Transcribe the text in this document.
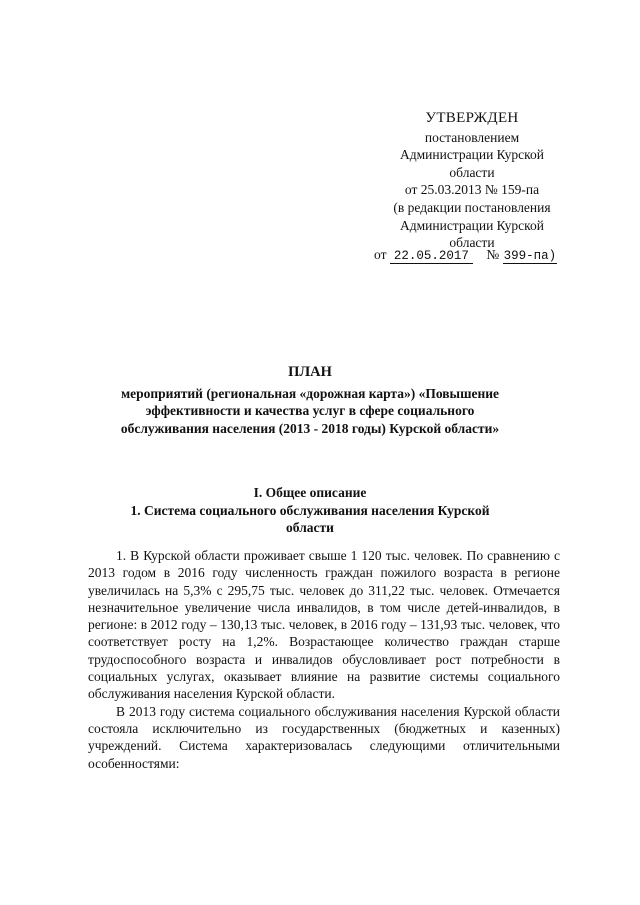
УТВЕРЖДЕН
постановлением
Администрации Курской
области
от 25.03.2013 № 159-па
(в редакции постановления
Администрации Курской
области
от 22.05.2017 № 399-па)
ПЛАН
мероприятий (региональная «дорожная карта») «Повышение
эффективности и качества услуг в сфере социального
обслуживания населения (2013 - 2018 годы) Курской области»
I. Общее описание
1. Система социального обслуживания населения Курской
области

1. В Курской области проживает свыше 1 120 тыс. человек. По сравнению с 2013 годом в 2016 году численность граждан пожилого возраста в регионе увеличилась на 5,3% с 295,75 тыс. человек до 311,22 тыс. человек. Отмечается незначительное увеличение числа инвалидов, в том числе детей-инвалидов, в регионе: в 2012 году – 130,13 тыс. человек, в 2016 году – 131,93 тыс. человек, что соответствует росту на 1,2%. Возрастающее количество граждан старше трудоспособного возраста и инвалидов обусловливает рост потребности в социальных услугах, оказывает влияние на развитие системы социального обслуживания населения Курской области.

В 2013 году система социального обслуживания населения Курской области состояла исключительно из государственных (бюджетных и казенных) учреждений. Система характеризовалась следующими отличительными особенностями:
